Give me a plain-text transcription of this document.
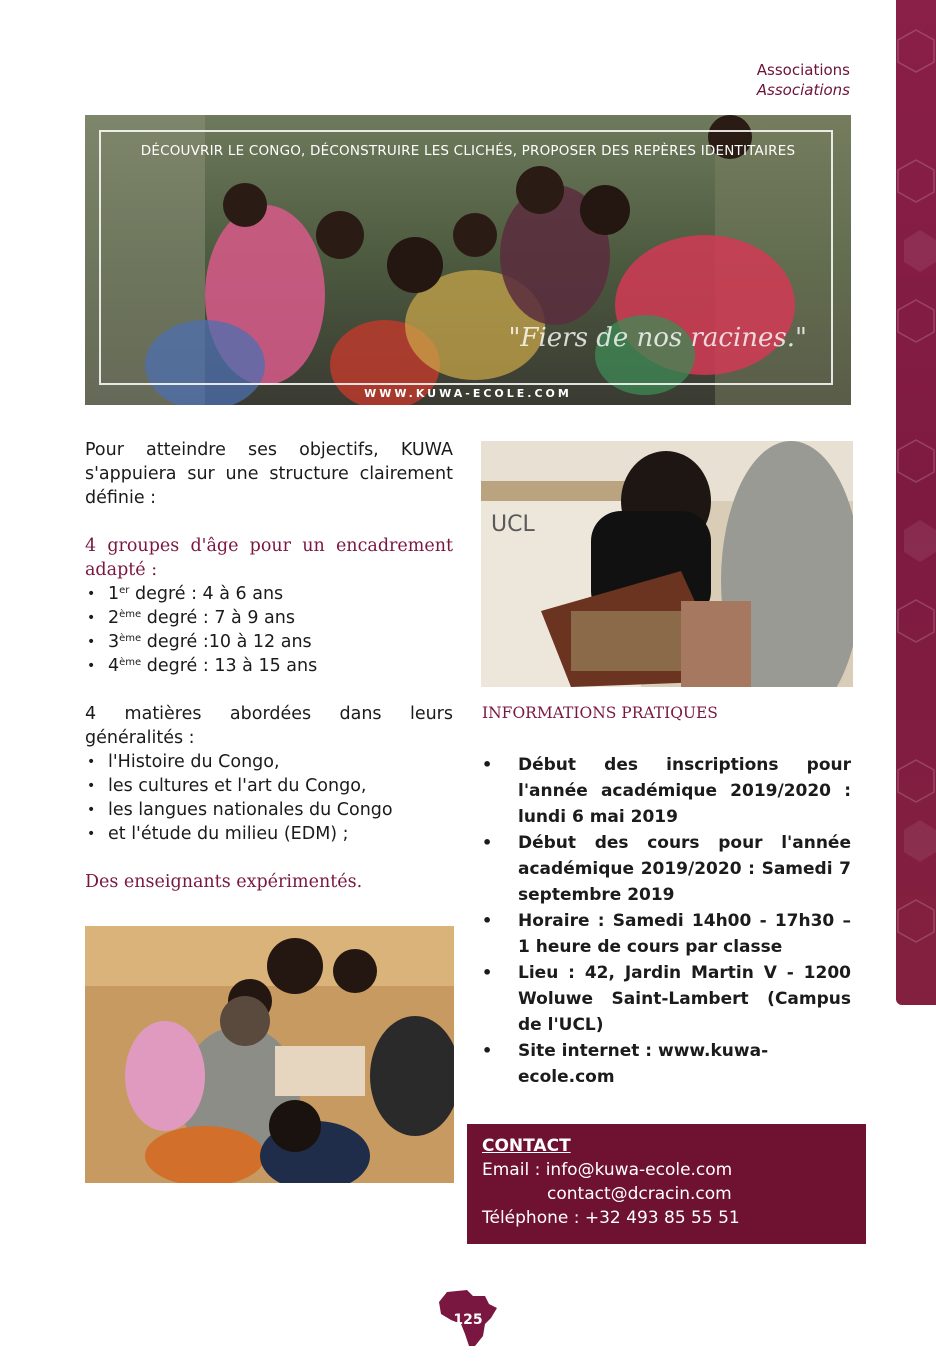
Associations
Associations
DÉCOUVRIR LE CONGO, DÉCONSTRUIRE LES CLICHÉS, PROPOSER DES REPÈRES IDENTITAIRES
"Fiers de nos racines."
WWW.KUWA-ECOLE.COM
Pour atteindre ses objectifs, KUWA
s'appuiera sur une structure clairement
définie :
4 groupes d'âge pour un encadrement
adapté :
• 1er degré : 4 à 6 ans
• 2ème degré : 7 à 9 ans
• 3ème degré :10 à 12 ans
• 4ème degré : 13 à 15 ans
4 matières abordées dans leurs
généralités :
• l'Histoire du Congo,
• les cultures et l'art du Congo,
• les langues nationales du Congo
• et l'étude du milieu (EDM) ;
Des enseignants expérimentés.
UCL
INFORMATIONS PRATIQUES
• Début des inscriptions pour l'année académique 2019/2020 : lundi 6 mai 2019
• Début des cours pour l'année académique 2019/2020 : Samedi 7 septembre 2019
• Horaire : Samedi 14h00 - 17h30 – 1 heure de cours par classe
• Lieu : 42, Jardin Martin V - 1200 Woluwe Saint-Lambert (Campus de l'UCL)
• Site internet : www.kuwa-ecole.com
CONTACT
Email : info@kuwa-ecole.com
contact@dcracin.com
Téléphone : +32 493 85 55 51
125
